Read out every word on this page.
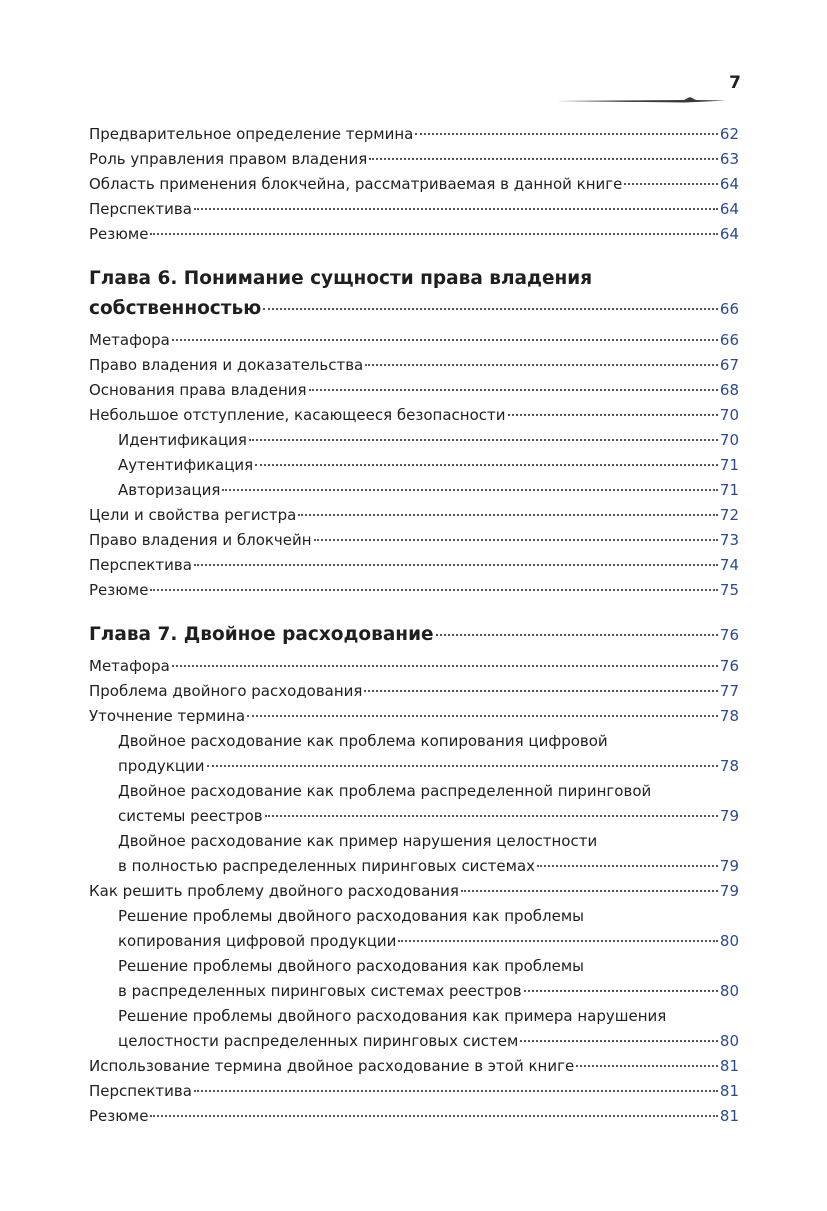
7
Предварительное определение термина	62
Роль управления правом владения	63
Область применения блокчейна, рассматриваемая в данной книге	64
Перспектива	64
Резюме	64
Глава 6. Понимание сущности права владения
собственностью	66
Метафора	66
Право владения и доказательства	67
Основания права владения	68
Небольшое отступление, касающееся безопасности	70
Идентификация	70
Аутентификация	71
Авторизация	71
Цели и свойства регистра	72
Право владения и блокчейн	73
Перспектива	74
Резюме	75
Глава 7. Двойное расходование	76
Метафора	76
Проблема двойного расходования	77
Уточнение термина	78
Двойное расходование как проблема копирования цифровой
продукции	78
Двойное расходование как проблема распределенной пиринговой
системы реестров	79
Двойное расходование как пример нарушения целостности
в полностью распределенных пиринговых системах	79
Как решить проблему двойного расходования	79
Решение проблемы двойного расходования как проблемы
копирования цифровой продукции	80
Решение проблемы двойного расходования как проблемы
в распределенных пиринговых системах реестров	80
Решение проблемы двойного расходования как примера нарушения
целостности распределенных пиринговых систем	80
Использование термина двойное расходование в этой книге	81
Перспектива	81
Резюме	81
